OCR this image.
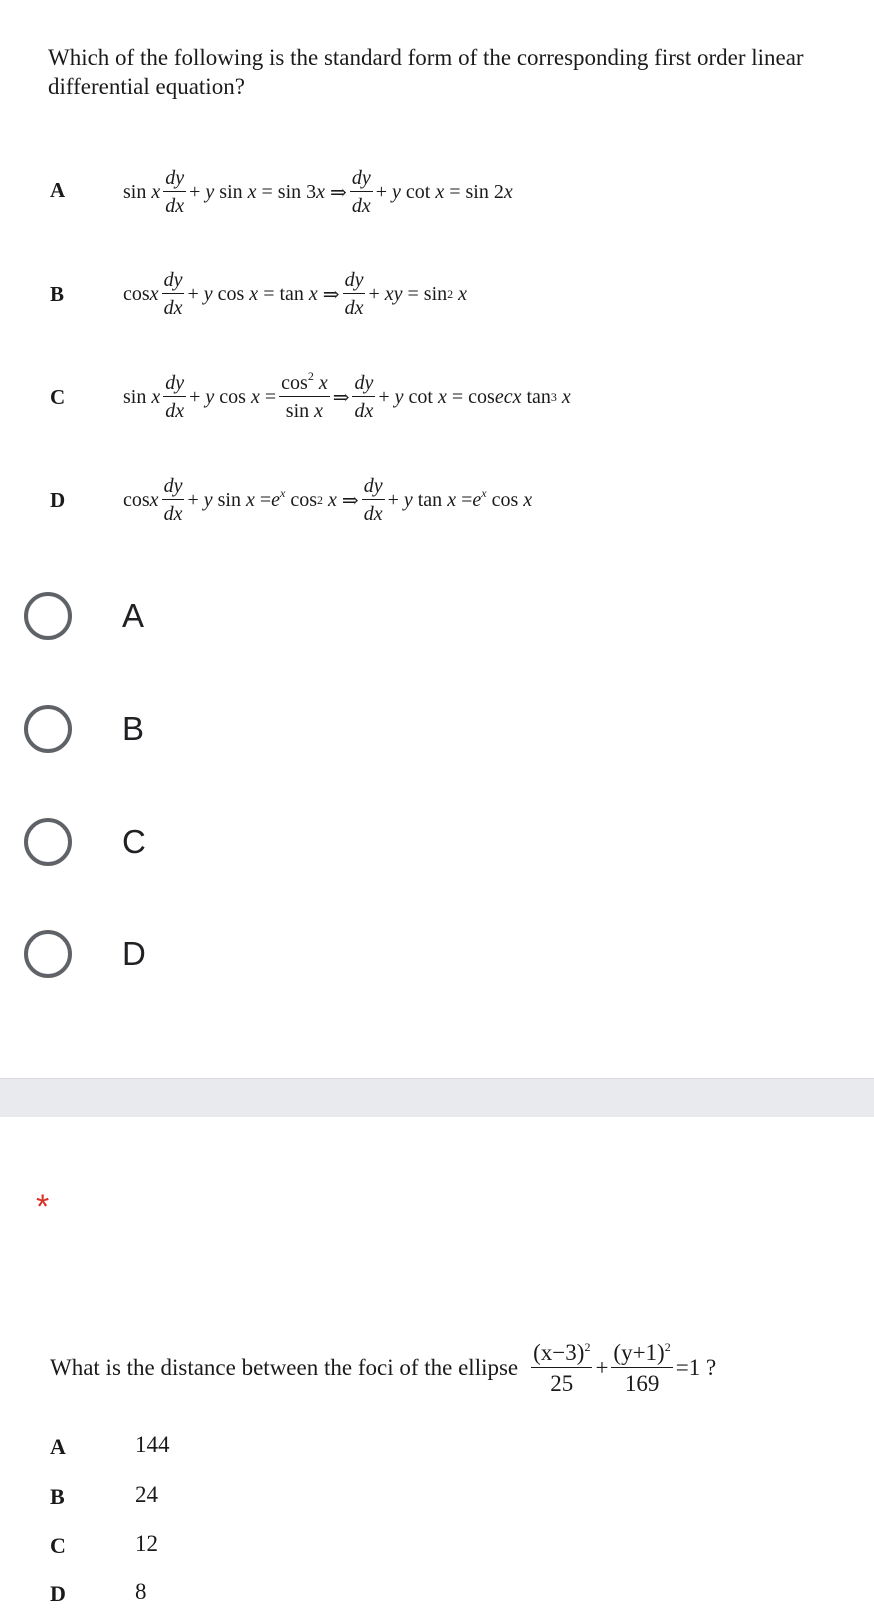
Which of the following is the standard form of the corresponding first order linear differential equation?
A	sin x $\frac{dy}{dx} + y$ sin x = sin 3 x ⇒ $\frac{dy}{dx} + y$ cot x = sin 2 x
B	cos x $\frac{dy}{dx} + y$ cos x = tan x ⇒ $\frac{dy}{dx}$ + xy = sin 2
x
C	sin x $\frac{dy}{dx} + y$ $\cos x = \frac{\cos^2 x}{\text{sin x}}$ ⇒ $\frac{dy}{dx} + y$ cot x = cos ecx tan 3
x
D	cos x $\frac{dy}{dx} + y$ $\sin x = e^x$ cos 2
x ⇒ $\frac{dy}{dx} + y$ $\tan x = e^x$ cos x
A
B
C
D
*
What is the distance between the foci of the ellipse $\frac{(x-3)^2}{25} + \frac{(y+1)^2}{169} =1$ ?
A	144
B	24
C	12
D	8
